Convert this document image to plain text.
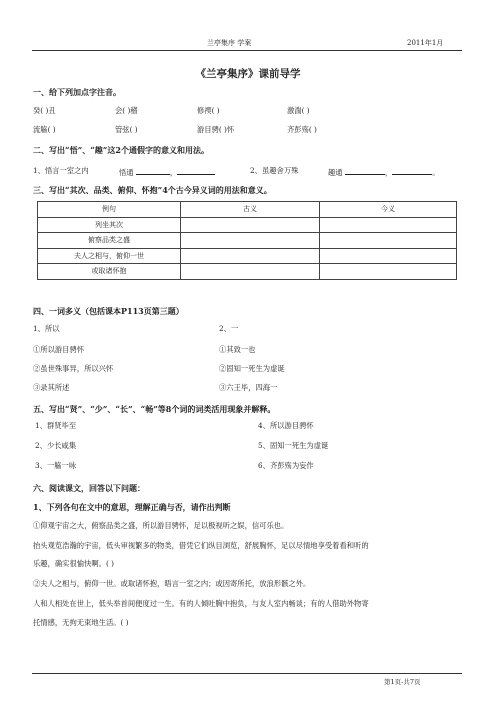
兰亭集序 学案	2011年1月
《兰亭集序》课前导学
一、给下列加点字注音。
癸( )丑	会( )稽	修禊( )	激湍( )
流觞( )	管弦( )	游目骋( )怀	齐彭殇( )
二、写出“悟”、“趣”这2个通假字的意义和用法。
1、悟言一室之内	悟通	，	2、虽趣舍万殊	趣通	，	。
三、写出“其次、品类、俯仰、怀抱”4个古今异义词的用法和意义。
例句	古义	今义
列坐其次		
俯察品类之盛		
夫人之相与，俯仰一世		
或取诸怀抱		
四、一词多义（包括课本P113页第三题）
1、所以
①所以游目骋怀
②虽世殊事异，所以兴怀
③录其所述
2、一
①其致一也
②固知一死生为虚诞
③六王毕，四海一
五、写出“贤”、“少”、“长”、“畅”等8个词的词类活用现象并解释。
1、群贤毕至
2、少长咸集
3、一觞一咏
4、所以游目骋怀
5、固知一死生为虚诞
6、齐彭殇为妄作
六、阅读课文，回答以下问题：
1、下列各句在文中的意思，理解正确与否，请作出判断
①仰观宇宙之大，俯察品类之盛，所以游目骋怀，足以极视听之娱，信可乐也。
抬头观览浩瀚的宇宙，低头审视繁多的物类，借凭它们纵目浏览，舒展胸怀，足以尽情地享受着看和听的
乐趣，确实很愉快啊。( )
②夫人之相与，俯仰一世。或取诸怀抱，晤言一室之内；或因寄所托，放浪形骸之外。
人和人相处在世上，低头举首间便度过一生。有的人倾吐胸中抱负，与友人室内畅谈；有的人借助外物寄
托情感，无拘无束地生活。( )
第1页-共7页
